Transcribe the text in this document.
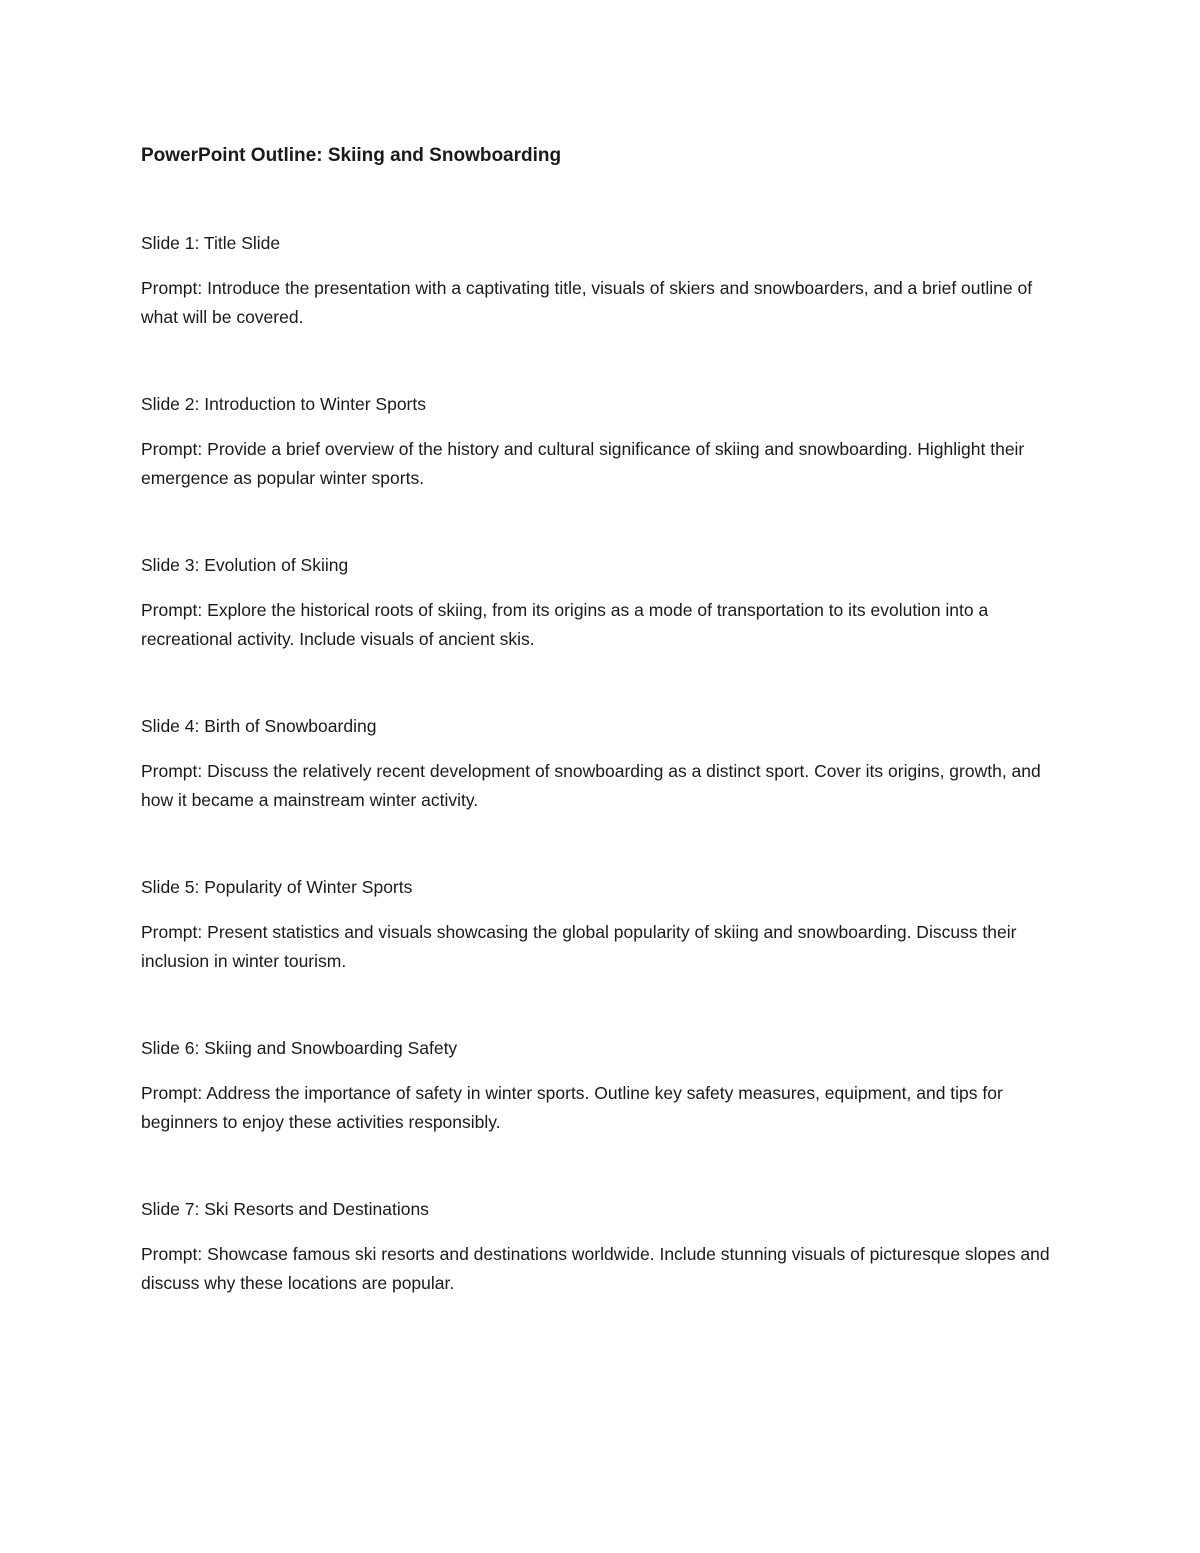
PowerPoint Outline: Skiing and Snowboarding

Slide 1: Title Slide

Prompt: Introduce the presentation with a captivating title, visuals of skiers and snowboarders, and a brief outline of what will be covered.

Slide 2: Introduction to Winter Sports

Prompt: Provide a brief overview of the history and cultural significance of skiing and snowboarding. Highlight their emergence as popular winter sports.

Slide 3: Evolution of Skiing

Prompt: Explore the historical roots of skiing, from its origins as a mode of transportation to its evolution into a recreational activity. Include visuals of ancient skis.

Slide 4: Birth of Snowboarding

Prompt: Discuss the relatively recent development of snowboarding as a distinct sport. Cover its origins, growth, and how it became a mainstream winter activity.

Slide 5: Popularity of Winter Sports

Prompt: Present statistics and visuals showcasing the global popularity of skiing and snowboarding. Discuss their inclusion in winter tourism.

Slide 6: Skiing and Snowboarding Safety

Prompt: Address the importance of safety in winter sports. Outline key safety measures, equipment, and tips for beginners to enjoy these activities responsibly.

Slide 7: Ski Resorts and Destinations

Prompt: Showcase famous ski resorts and destinations worldwide. Include stunning visuals of picturesque slopes and discuss why these locations are popular.
